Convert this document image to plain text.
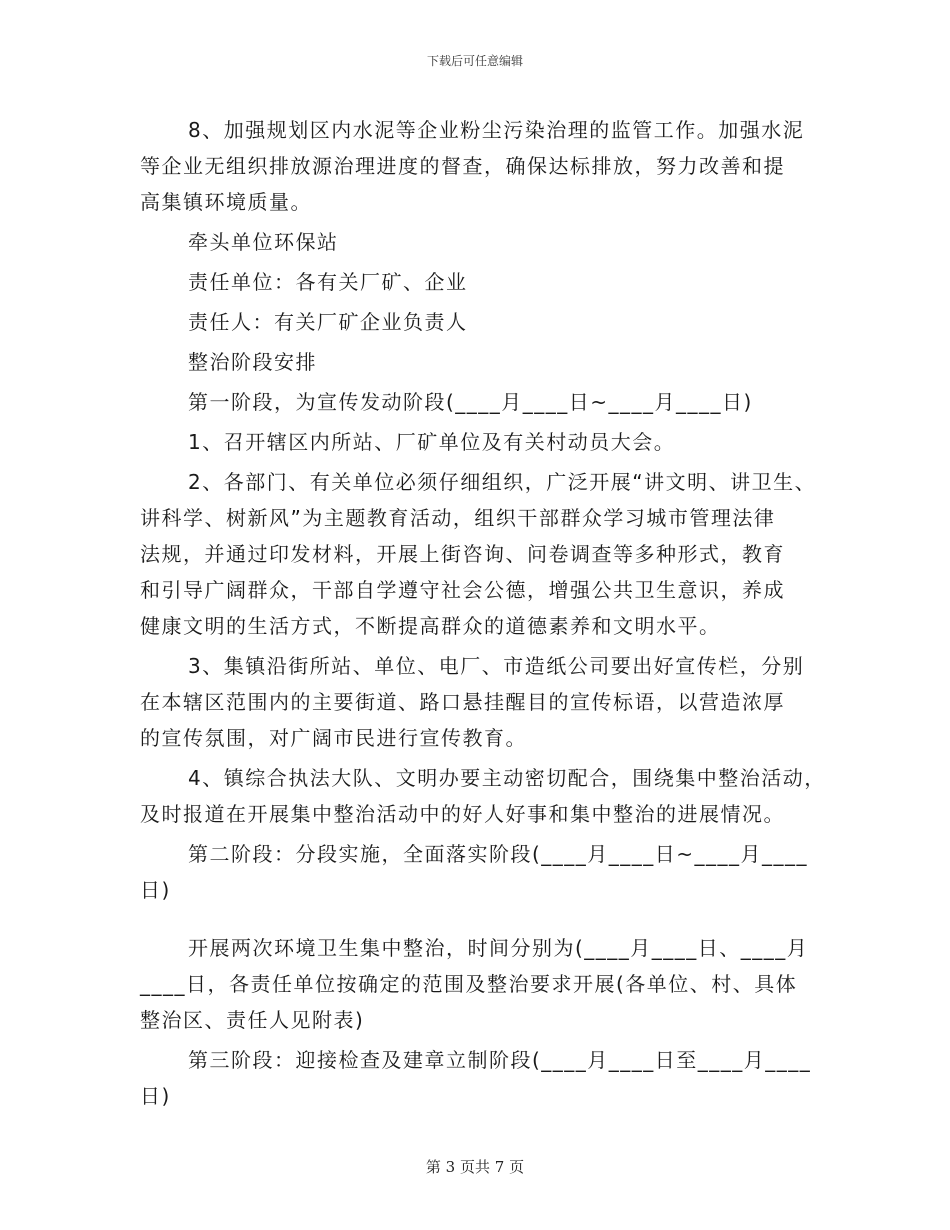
下载后可任意编辑
8、加强规划区内水泥等企业粉尘污染治理的监管工作。加强水泥
等企业无组织排放源治理进度的督查，确保达标排放，努力改善和提
高集镇环境质量。
牵头单位环保站
责任单位：各有关厂矿、企业
责任人：有关厂矿企业负责人
整治阶段安排
第一阶段，为宣传发动阶段(____月____日~____月____日)
1、召开辖区内所站、厂矿单位及有关村动员大会。
2、各部门、有关单位必须仔细组织，广泛开展“讲文明、讲卫生、
讲科学、树新风”为主题教育活动，组织干部群众学习城市管理法律
法规，并通过印发材料，开展上街咨询、问卷调查等多种形式，教育
和引导广阔群众，干部自学遵守社会公德，增强公共卫生意识，养成
健康文明的生活方式，不断提高群众的道德素养和文明水平。
3、集镇沿街所站、单位、电厂、市造纸公司要出好宣传栏，分别
在本辖区范围内的主要街道、路口悬挂醒目的宣传标语，以营造浓厚
的宣传氛围，对广阔市民进行宣传教育。
4、镇综合执法大队、文明办要主动密切配合，围绕集中整治活动，
及时报道在开展集中整治活动中的好人好事和集中整治的进展情况。
第二阶段：分段实施，全面落实阶段(____月____日~____月____
日)
开展两次环境卫生集中整治，时间分别为(____月____日、____月
____日，各责任单位按确定的范围及整治要求开展(各单位、村、具体
整治区、责任人见附表)
第三阶段：迎接检查及建章立制阶段(____月____日至____月____
日)
第 3 页共 7 页
